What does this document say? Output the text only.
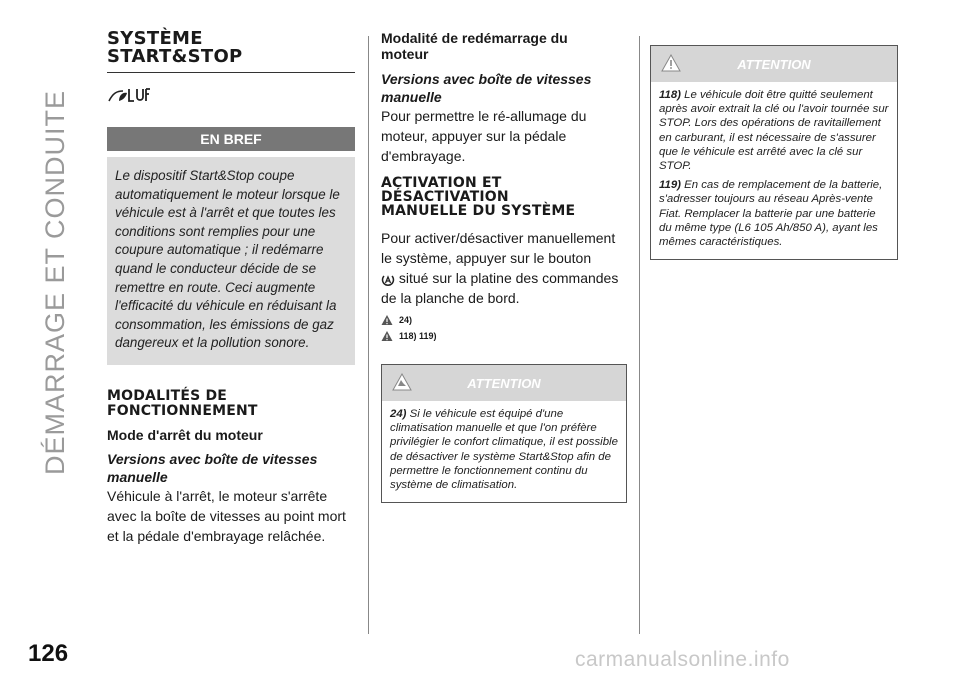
DÉMARRAGE ET CONDUITE
SYSTÈME
START&STOP
EN BREF
Le dispositif Start&Stop coupe automatiquement le moteur lorsque le véhicule est à l'arrêt et que toutes les conditions sont remplies pour une coupure automatique ; il redémarre quand le conducteur décide de se remettre en route. Ceci augmente l'efficacité du véhicule en réduisant la consommation, les émissions de gaz dangereux et la pollution sonore.
MODALITÉS DE
FONCTIONNEMENT
Mode d'arrêt du moteur
Versions avec boîte de vitesses
manuelle
Véhicule à l'arrêt, le moteur s'arrête avec la boîte de vitesses au point mort et la pédale d'embrayage relâchée.
Modalité de redémarrage du
moteur
Versions avec boîte de vitesses
manuelle
Pour permettre le ré-allumage du moteur, appuyer sur la pédale d'embrayage.
ACTIVATION ET
DÉSACTIVATION
MANUELLE DU SYSTÈME
Pour activer/désactiver manuellement le système, appuyer sur le bouton
situé sur la platine des commandes de la planche de bord.
24)
118) 119)
ATTENTION

24) Si le véhicule est équipé d'une climatisation manuelle et que l'on préfère privilégier le confort climatique, il est possible de désactiver le système Start&Stop afin de permettre le fonctionnement continu du système de climatisation.

ATTENTION

118) Le véhicule doit être quitté seulement après avoir extrait la clé ou l'avoir tournée sur STOP. Lors des opérations de ravitaillement en carburant, il est nécessaire de s'assurer que le véhicule est arrêté avec la clé sur STOP.

119) En cas de remplacement de la batterie, s'adresser toujours au réseau Après-vente Fiat. Remplacer la batterie par une batterie du même type (L6 105 Ah/850 A), ayant les mêmes caractéristiques.

126	carmanualsonline.info
